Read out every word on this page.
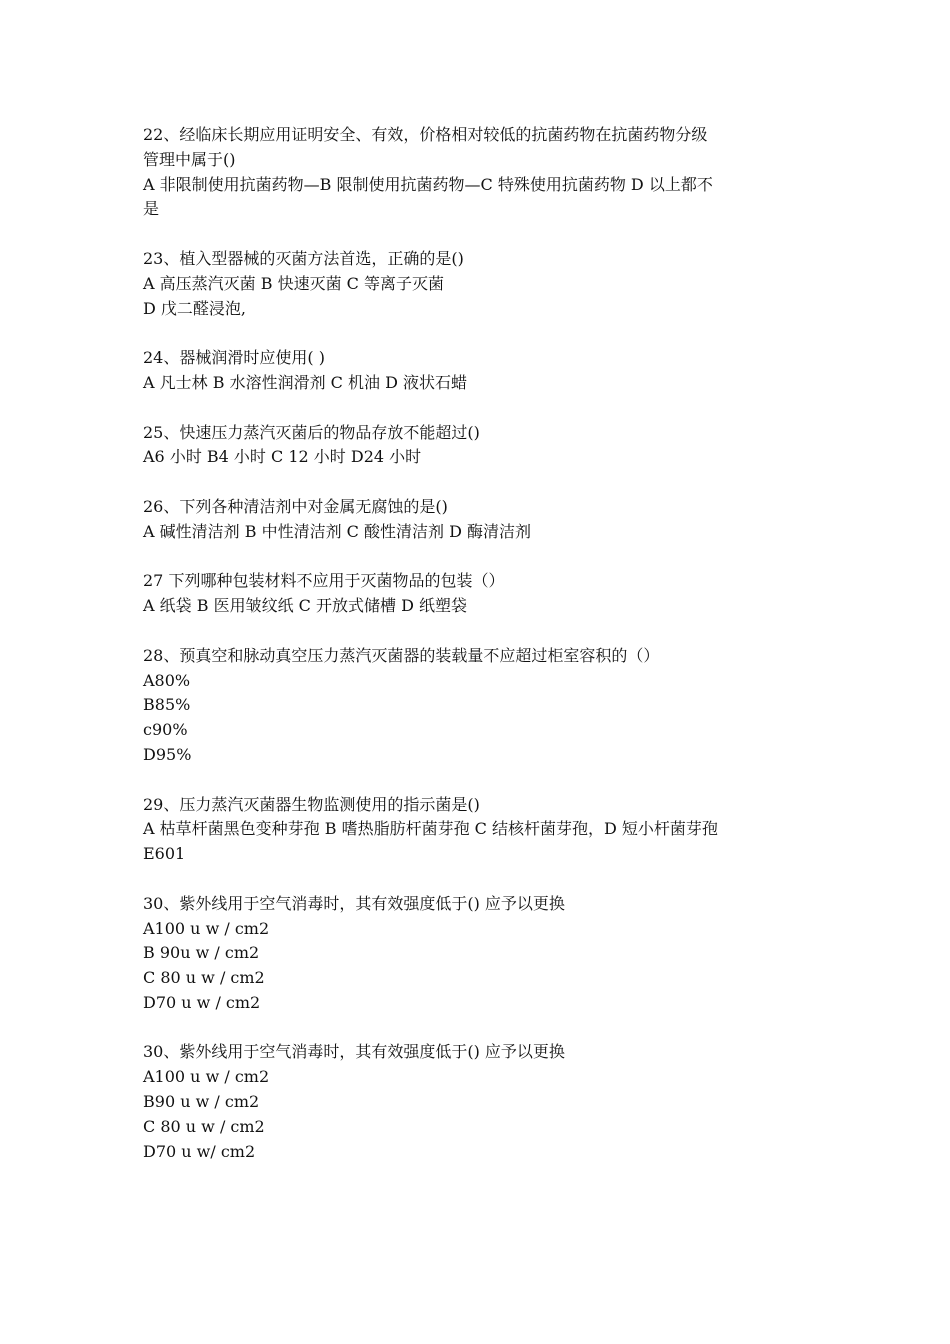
22、经临床长期应用证明安全、有效，价格相对较低的抗菌药物在抗菌药物分级
管理中属于()
A 非限制使用抗菌药物—B 限制使用抗菌药物—C 特殊使用抗菌药物 D 以上都不
是
23、植入型器械的灭菌方法首选，正确的是()
A 高压蒸汽灭菌 B 快速灭菌 C 等离子灭菌
D 戊二醛浸泡,
24、器械润滑时应使用( )
A 凡士林 B 水溶性润滑剂 C 机油 D 液状石蜡
25、快速压力蒸汽灭菌后的物品存放不能超过()
A6 小时 B4 小时 C 12 小时 D24 小时
26、下列各种清洁剂中对金属无腐蚀的是()
A 碱性清洁剂 B 中性清洁剂 C 酸性清洁剂 D 酶清洁剂
27 下列哪种包装材料不应用于灭菌物品的包装（）
A 纸袋 B 医用皱纹纸 C 开放式储槽 D 纸塑袋
28、预真空和脉动真空压力蒸汽灭菌器的装载量不应超过柜室容积的（）
A80%
B85%
c90%
D95%
29、压力蒸汽灭菌器生物监测使用的指示菌是()
A 枯草杆菌黑色变种芽孢 B 嗜热脂肪杆菌芽孢 C 结核杆菌芽孢，D 短小杆菌芽孢
E601
30、紫外线用于空气消毒时，其有效强度低于() 应予以更换
A100 u w / cm2
B 90u w / cm2
C 80 u w / cm2
D70 u w / cm2
30、紫外线用于空气消毒时，其有效强度低于() 应予以更换
A100 u w / cm2
B90 u w / cm2
C 80 u w / cm2
D70 u w/ cm2
